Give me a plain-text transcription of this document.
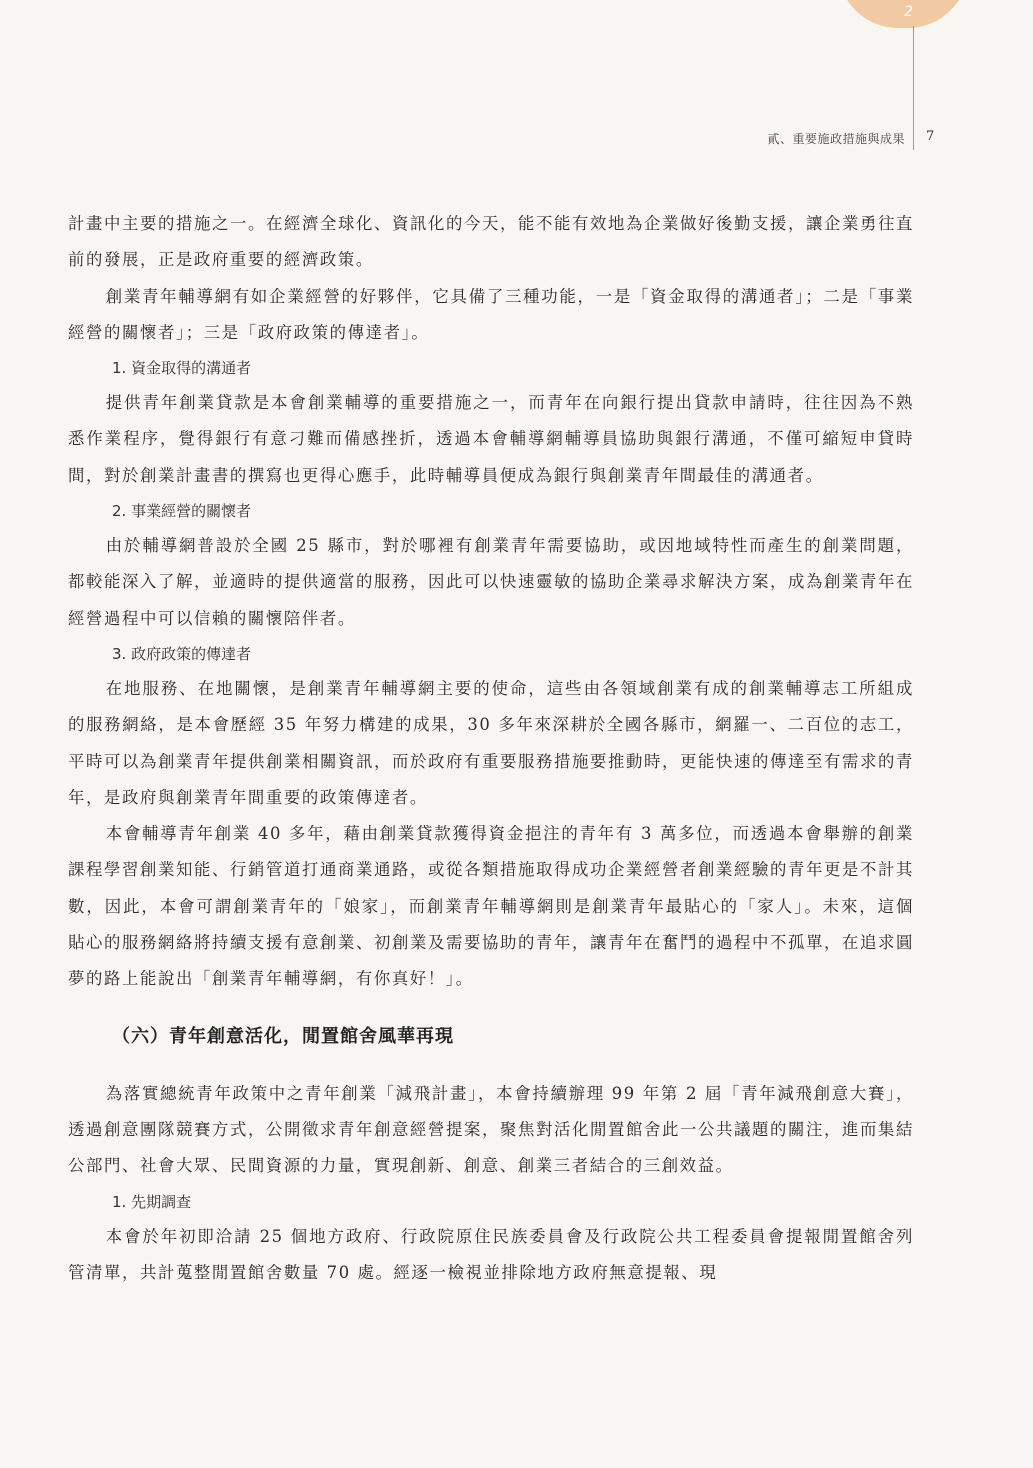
2
貳、重要施政措施與成果 7

計畫中主要的措施之一。在經濟全球化、資訊化的今天，能不能有效地為企業做好後勤支援，讓企業勇往直前的發展，正是政府重要的經濟政策。

創業青年輔導網有如企業經營的好夥伴，它具備了三種功能，一是「資金取得的溝通者」；二是「事業經營的關懷者」；三是「政府政策的傳達者」。

1. 資金取得的溝通者

提供青年創業貸款是本會創業輔導的重要措施之一，而青年在向銀行提出貸款申請時，往往因為不熟悉作業程序，覺得銀行有意刁難而備感挫折，透過本會輔導網輔導員協助與銀行溝通，不僅可縮短申貸時間，對於創業計畫書的撰寫也更得心應手，此時輔導員便成為銀行與創業青年間最佳的溝通者。

2. 事業經營的關懷者

由於輔導網普設於全國 25 縣市，對於哪裡有創業青年需要協助，或因地域特性而產生的創業問題，都較能深入了解，並適時的提供適當的服務，因此可以快速靈敏的協助企業尋求解決方案，成為創業青年在經營過程中可以信賴的關懷陪伴者。

3. 政府政策的傳達者

在地服務、在地關懷，是創業青年輔導網主要的使命，這些由各領域創業有成的創業輔導志工所組成的服務網絡，是本會歷經 35 年努力構建的成果，30 多年來深耕於全國各縣市，網羅一、二百位的志工，平時可以為創業青年提供創業相關資訊，而於政府有重要服務措施要推動時，更能快速的傳達至有需求的青年，是政府與創業青年間重要的政策傳達者。

本會輔導青年創業 40 多年，藉由創業貸款獲得資金挹注的青年有 3 萬多位，而透過本會舉辦的創業課程學習創業知能、行銷管道打通商業通路，或從各類措施取得成功企業經營者創業經驗的青年更是不計其數，因此，本會可謂創業青年的「娘家」，而創業青年輔導網則是創業青年最貼心的「家人」。未來，這個貼心的服務網絡將持續支援有意創業、初創業及需要協助的青年，讓青年在奮鬥的過程中不孤單，在追求圓夢的路上能說出「創業青年輔導網，有你真好！」。

（六）青年創意活化，閒置館舍風華再現

為落實總統青年政策中之青年創業「減飛計畫」，本會持續辦理 99 年第 2 屆「青年減飛創意大賽」，透過創意團隊競賽方式，公開徵求青年創意經營提案，聚焦對活化閒置館舍此一公共議題的關注，進而集結公部門、社會大眾、民間資源的力量，實現創新、創意、創業三者結合的三創效益。

1. 先期調查

本會於年初即洽請 25 個地方政府、行政院原住民族委員會及行政院公共工程委員會提報閒置館舍列管清單，共計蒐整閒置館舍數量 70 處。經逐一檢視並排除地方政府無意提報、現
